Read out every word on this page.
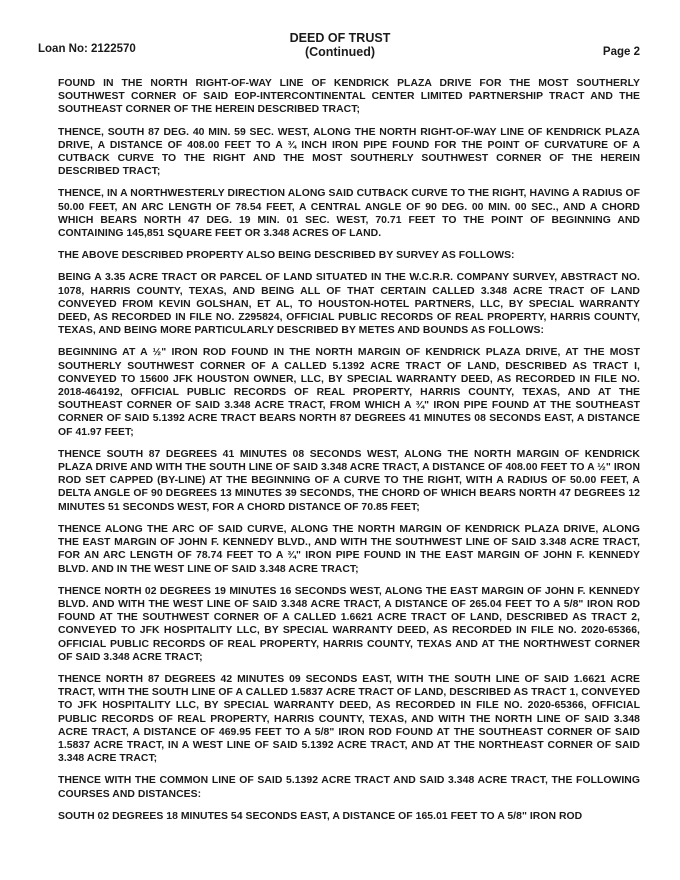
Loan No: 2122570
DEED OF TRUST
(Continued)	Page 2

FOUND IN THE NORTH RIGHT-OF-WAY LINE OF KENDRICK PLAZA DRIVE FOR THE MOST SOUTHERLY SOUTHWEST CORNER OF SAID EOP-INTERCONTINENTAL CENTER LIMITED PARTNERSHIP TRACT AND THE SOUTHEAST CORNER OF THE HEREIN DESCRIBED TRACT;

THENCE, SOUTH 87 DEG. 40 MIN. 59 SEC. WEST, ALONG THE NORTH RIGHT-OF-WAY LINE OF KENDRICK PLAZA DRIVE, A DISTANCE OF 408.00 FEET TO A ¾ INCH IRON PIPE FOUND FOR THE POINT OF CURVATURE OF A CUTBACK CURVE TO THE RIGHT AND THE MOST SOUTHERLY SOUTHWEST CORNER OF THE HEREIN DESCRIBED TRACT;

THENCE, IN A NORTHWESTERLY DIRECTION ALONG SAID CUTBACK CURVE TO THE RIGHT, HAVING A RADIUS OF 50.00 FEET, AN ARC LENGTH OF 78.54 FEET, A CENTRAL ANGLE OF 90 DEG. 00 MIN. 00 SEC., AND A CHORD WHICH BEARS NORTH 47 DEG. 19 MIN. 01 SEC. WEST, 70.71 FEET TO THE POINT OF BEGINNING AND CONTAINING 145,851 SQUARE FEET OR 3.348 ACRES OF LAND.

THE ABOVE DESCRIBED PROPERTY ALSO BEING DESCRIBED BY SURVEY AS FOLLOWS:

BEING A 3.35 ACRE TRACT OR PARCEL OF LAND SITUATED IN THE W.C.R.R. COMPANY SURVEY, ABSTRACT NO. 1078, HARRIS COUNTY, TEXAS, AND BEING ALL OF THAT CERTAIN CALLED 3.348 ACRE TRACT OF LAND CONVEYED FROM KEVIN GOLSHAN, ET AL, TO HOUSTON-HOTEL PARTNERS, LLC, BY SPECIAL WARRANTY DEED, AS RECORDED IN FILE NO. Z295824, OFFICIAL PUBLIC RECORDS OF REAL PROPERTY, HARRIS COUNTY, TEXAS, AND BEING MORE PARTICULARLY DESCRIBED BY METES AND BOUNDS AS FOLLOWS:

BEGINNING AT A ½" IRON ROD FOUND IN THE NORTH MARGIN OF KENDRICK PLAZA DRIVE, AT THE MOST SOUTHERLY SOUTHWEST CORNER OF A CALLED 5.1392 ACRE TRACT OF LAND, DESCRIBED AS TRACT I, CONVEYED TO 15600 JFK HOUSTON OWNER, LLC, BY SPECIAL WARRANTY DEED, AS RECORDED IN FILE NO. 2018-464192, OFFICIAL PUBLIC RECORDS OF REAL PROPERTY, HARRIS COUNTY, TEXAS, AND AT THE SOUTHEAST CORNER OF SAID 3.348 ACRE TRACT, FROM WHICH A ¾" IRON PIPE FOUND AT THE SOUTHEAST CORNER OF SAID 5.1392 ACRE TRACT BEARS NORTH 87 DEGREES 41 MINUTES 08 SECONDS EAST, A DISTANCE OF 41.97 FEET;

THENCE SOUTH 87 DEGREES 41 MINUTES 08 SECONDS WEST, ALONG THE NORTH MARGIN OF KENDRICK PLAZA DRIVE AND WITH THE SOUTH LINE OF SAID 3.348 ACRE TRACT, A DISTANCE OF 408.00 FEET TO A ½" IRON ROD SET CAPPED (BY-LINE) AT THE BEGINNING OF A CURVE TO THE RIGHT, WITH A RADIUS OF 50.00 FEET, A DELTA ANGLE OF 90 DEGREES 13 MINUTES 39 SECONDS, THE CHORD OF WHICH BEARS NORTH 47 DEGREES 12 MINUTES 51 SECONDS WEST, FOR A CHORD DISTANCE OF 70.85 FEET;

THENCE ALONG THE ARC OF SAID CURVE, ALONG THE NORTH MARGIN OF KENDRICK PLAZA DRIVE, ALONG THE EAST MARGIN OF JOHN F. KENNEDY BLVD., AND WITH THE SOUTHWEST LINE OF SAID 3.348 ACRE TRACT, FOR AN ARC LENGTH OF 78.74 FEET TO A ¾" IRON PIPE FOUND IN THE EAST MARGIN OF JOHN F. KENNEDY BLVD. AND IN THE WEST LINE OF SAID 3.348 ACRE TRACT;

THENCE NORTH 02 DEGREES 19 MINUTES 16 SECONDS WEST, ALONG THE EAST MARGIN OF JOHN F. KENNEDY BLVD. AND WITH THE WEST LINE OF SAID 3.348 ACRE TRACT, A DISTANCE OF 265.04 FEET TO A 5/8" IRON ROD FOUND AT THE SOUTHWEST CORNER OF A CALLED 1.6621 ACRE TRACT OF LAND, DESCRIBED AS TRACT 2, CONVEYED TO JFK HOSPITALITY LLC, BY SPECIAL WARRANTY DEED, AS RECORDED IN FILE NO. 2020-65366, OFFICIAL PUBLIC RECORDS OF REAL PROPERTY, HARRIS COUNTY, TEXAS AND AT THE NORTHWEST CORNER OF SAID 3.348 ACRE TRACT;

THENCE NORTH 87 DEGREES 42 MINUTES 09 SECONDS EAST, WITH THE SOUTH LINE OF SAID 1.6621 ACRE TRACT, WITH THE SOUTH LINE OF A CALLED 1.5837 ACRE TRACT OF LAND, DESCRIBED AS TRACT 1, CONVEYED TO JFK HOSPITALITY LLC, BY SPECIAL WARRANTY DEED, AS RECORDED IN FILE NO. 2020-65366, OFFICIAL PUBLIC RECORDS OF REAL PROPERTY, HARRIS COUNTY, TEXAS, AND WITH THE NORTH LINE OF SAID 3.348 ACRE TRACT, A DISTANCE OF 469.95 FEET TO A 5/8" IRON ROD FOUND AT THE SOUTHEAST CORNER OF SAID 1.5837 ACRE TRACT, IN A WEST LINE OF SAID 5.1392 ACRE TRACT, AND AT THE NORTHEAST CORNER OF SAID 3.348 ACRE TRACT;

THENCE WITH THE COMMON LINE OF SAID 5.1392 ACRE TRACT AND SAID 3.348 ACRE TRACT, THE FOLLOWING COURSES AND DISTANCES:

SOUTH 02 DEGREES 18 MINUTES 54 SECONDS EAST, A DISTANCE OF 165.01 FEET TO A 5/8" IRON ROD
